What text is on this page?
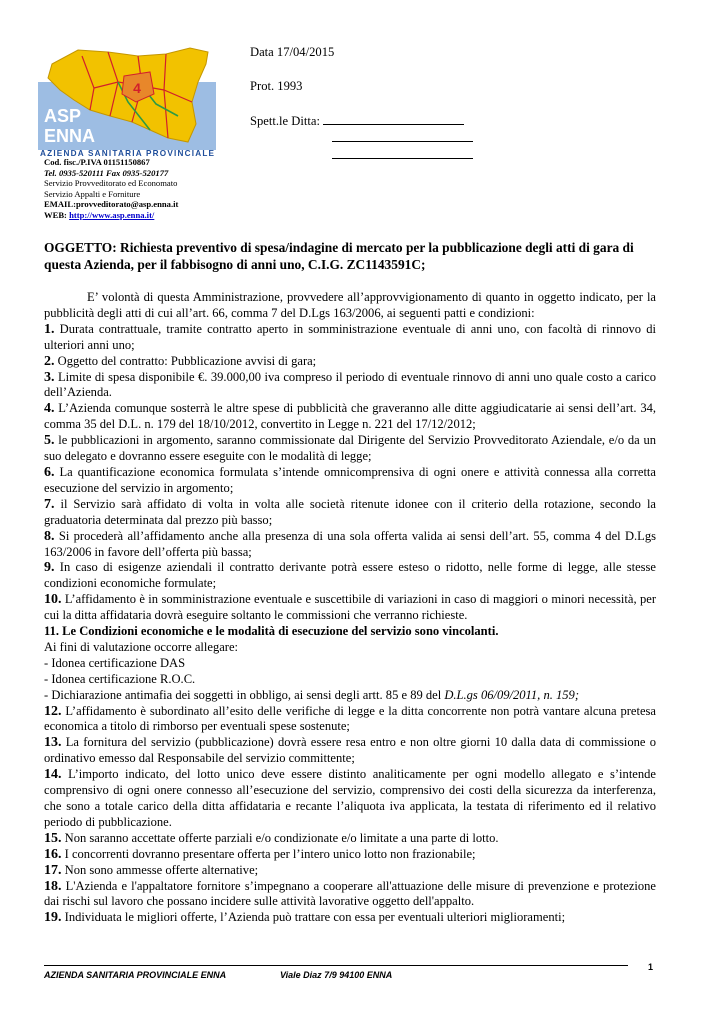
4
ASP
ENNA
AZIENDA SANITARIA PROVINCIALE
Cod. fisc./P.IVA 01151150867
Tel. 0935-520111 Fax 0935-520177
Servizio Provveditorato ed Economato
Servizio Appalti e Forniture
EMAIL:provveditorato@asp.enna.it
WEB: http://www.asp.enna.it/
Data 17/04/2015
Prot. 1993
Spett.le Ditta:
OGGETTO: Richiesta preventivo di spesa/indagine di mercato per la pubblicazione degli atti di gara di questa Azienda, per il fabbisogno di anni uno, C.I.G. ZC1143591C;

E’ volontà di questa Amministrazione, provvedere all’approvvigionamento di quanto in oggetto indicato, per la pubblicità degli atti di cui all’art. 66, comma 7 del D.Lgs 163/2006, ai seguenti patti e condizioni:

1. Durata contrattuale, tramite contratto aperto in somministrazione eventuale di anni uno, con facoltà di rinnovo di ulteriori anni uno;

2. Oggetto del contratto: Pubblicazione avvisi di gara;

3. Limite di spesa disponibile €. 39.000,00 iva compreso il periodo di eventuale rinnovo di anni uno quale costo a carico dell’Azienda.

4. L’Azienda comunque sosterrà le altre spese di pubblicità che graveranno alle ditte aggiudicatarie ai sensi dell’art. 34, comma 35 del D.L. n. 179 del 18/10/2012, convertito in Legge n. 221 del 17/12/2012;

5. le pubblicazioni in argomento, saranno commissionate dal Dirigente del Servizio Provveditorato Aziendale, e/o da un suo delegato e dovranno essere eseguite con le modalità di legge;

6. La quantificazione economica formulata s’intende omnicomprensiva di ogni onere e attività connessa alla corretta esecuzione del servizio in argomento;

7. il Servizio sarà affidato di volta in volta alle società ritenute idonee con il criterio della rotazione, secondo la graduatoria determinata dal prezzo più basso;

8. Si procederà all’affidamento anche alla presenza di una sola offerta valida ai sensi dell’art. 55, comma 4 del D.Lgs 163/2006 in favore dell’offerta più bassa;

9. In caso di esigenze aziendali il contratto derivante potrà essere esteso o ridotto, nelle forme di legge, alle stesse condizioni economiche formulate;

10. L’affidamento è in somministrazione eventuale e suscettibile di variazioni in caso di maggiori o minori necessità, per cui la ditta affidataria dovrà eseguire soltanto le commissioni che verranno richieste.

11. Le Condizioni economiche e le modalità di esecuzione del servizio sono vincolanti.

Ai fini di valutazione occorre allegare:

- Idonea certificazione DAS

- Idonea certificazione R.O.C.

- Dichiarazione antimafia dei soggetti in obbligo, ai sensi degli artt. 85 e 89 del D.L.gs 06/09/2011, n. 159;

12. L’affidamento è subordinato all’esito delle verifiche di legge e la ditta concorrente non potrà vantare alcuna pretesa economica a titolo di rimborso per eventuali spese sostenute;

13. La fornitura del servizio (pubblicazione) dovrà essere resa entro e non oltre giorni 10 dalla data di commissione o ordinativo emesso dal Responsabile del servizio committente;

14. L’importo indicato, del lotto unico deve essere distinto analiticamente per ogni modello allegato e s’intende comprensivo di ogni onere connesso all’esecuzione del servizio, comprensivo dei costi della sicurezza da interferenza, che sono a totale carico della ditta affidataria e recante l’aliquota iva applicata, la testata di riferimento ed il relativo periodo di pubblicazione.

15. Non saranno accettate offerte parziali e/o condizionate e/o limitate a una parte di lotto.

16. I concorrenti dovranno presentare offerta per l’intero unico lotto non frazionabile;

17. Non sono ammesse offerte alternative;

18. L'Azienda e l'appaltatore fornitore s’impegnano a cooperare all'attuazione delle misure di prevenzione e protezione dai rischi sul lavoro che possano incidere sulle attività lavorative oggetto dell'appalto.

19. Individuata le migliori offerte, l’Azienda può trattare con essa per eventuali ulteriori miglioramenti;

AZIENDA SANITARIA PROVINCIALE ENNA	Viale Diaz 7/9 94100 ENNA
1
